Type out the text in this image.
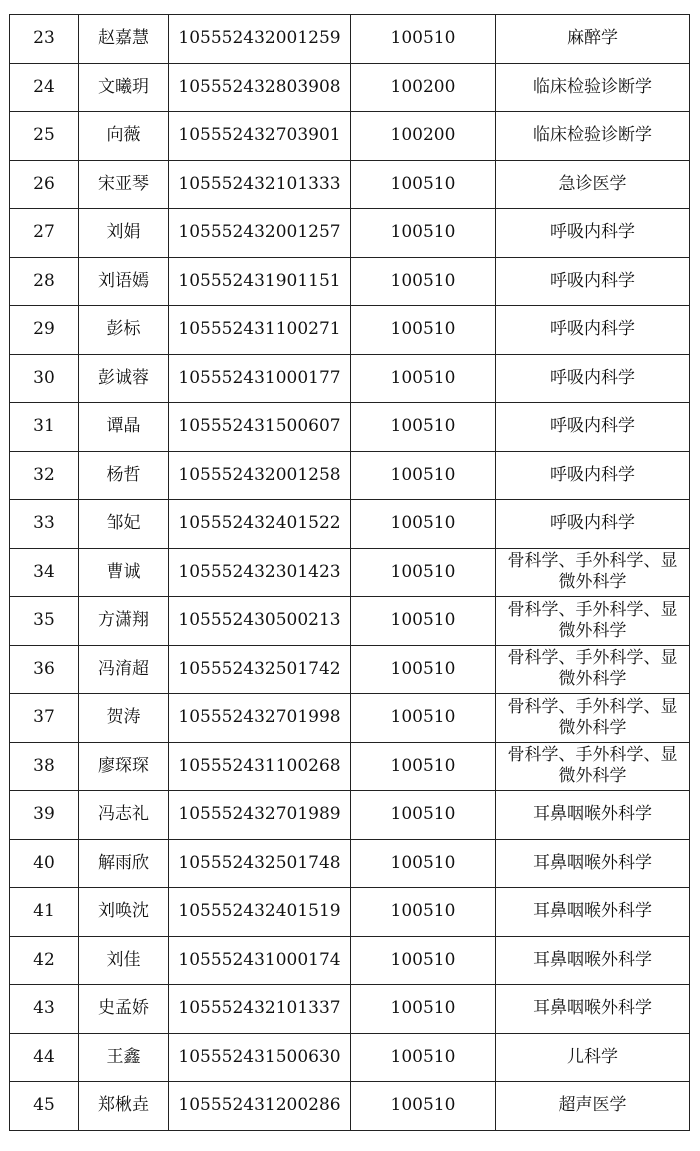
23	赵嘉慧	105552432001259	100510	麻醉学
24	文曦玥	105552432803908	100200	临床检验诊断学
25	向薇	105552432703901	100200	临床检验诊断学
26	宋亚琴	105552432101333	100510	急诊医学
27	刘娟	105552432001257	100510	呼吸内科学
28	刘语嫣	105552431901151	100510	呼吸内科学
29	彭标	105552431100271	100510	呼吸内科学
30	彭诚蓉	105552431000177	100510	呼吸内科学
31	谭晶	105552431500607	100510	呼吸内科学
32	杨哲	105552432001258	100510	呼吸内科学
33	邹妃	105552432401522	100510	呼吸内科学
34	曹诚	105552432301423	100510	骨科学、手外科学、显微外科学
35	方潇翔	105552430500213	100510	骨科学、手外科学、显微外科学
36	冯淯超	105552432501742	100510	骨科学、手外科学、显微外科学
37	贺涛	105552432701998	100510	骨科学、手外科学、显微外科学
38	廖琛琛	105552431100268	100510	骨科学、手外科学、显微外科学
39	冯志礼	105552432701989	100510	耳鼻咽喉外科学
40	解雨欣	105552432501748	100510	耳鼻咽喉外科学
41	刘唤沈	105552432401519	100510	耳鼻咽喉外科学
42	刘佳	105552431000174	100510	耳鼻咽喉外科学
43	史孟娇	105552432101337	100510	耳鼻咽喉外科学
44	王鑫	105552431500630	100510	儿科学
45	郑楸垚	105552431200286	100510	超声医学
